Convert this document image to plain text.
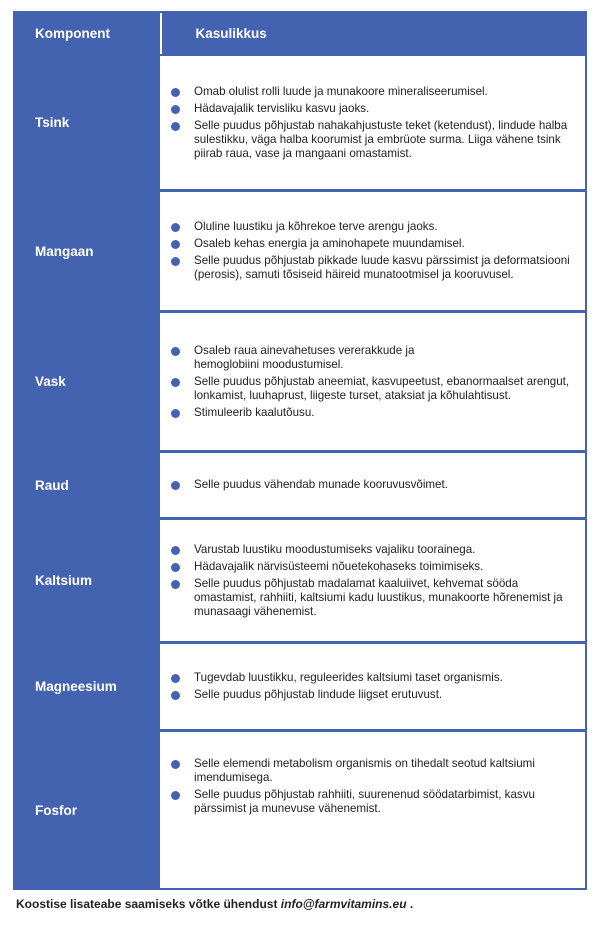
Komponent	Kasulikkus
Tsink
Omab olulist rolli luude ja munakoore mineraliseerumisel.
Hädavajalik tervisliku kasvu jaoks.
Selle puudus põhjustab nahakahjustuste teket (ketendust), lindude halba sulestikku, väga halba koorumist ja embrüote surma. Liiga vähene tsink piirab raua, vase ja mangaani omastamist.
Mangaan
Oluline luustiku ja kõhrekoe terve arengu jaoks.
Osaleb kehas energia ja aminohapete muundamisel.
Selle puudus põhjustab pikkade luude kasvu pärssimist ja deformatsiooni (perosis), samuti tõsiseid häireid munatootmisel ja kooruvusel.
Vask
Osaleb raua ainevahetuses vererakkude ja hemoglobiini moodustumisel.
Selle puudus põhjustab aneemiat, kasvupeetust, ebanormaalset arengut, lonkamist, luuhaprust, liigeste turset, ataksiat ja kõhulahtisust.
Stimuleerib kaalutõusu.
Raud	Selle puudus vähendab munade kooruvusvõimet.
Kaltsium
Varustab luustiku moodustumiseks vajaliku toorainega.
Hädavajalik närvisüsteemi nõuetekohaseks toimimiseks.
Selle puudus põhjustab madalamat kaaluiivet, kehvemat sööda omastamist, rahhiiti, kaltsiumi kadu luustikus, munakoorte hõrenemist ja munasaagi vähenemist.
Magneesium
Tugevdab luustikku, reguleerides kaltsiumi taset organismis.
Selle puudus põhjustab lindude liigset erutuvust.
Fosfor
Selle elemendi metabolism organismis on tihedalt seotud kaltsiumi imendumisega.
Selle puudus põhjustab rahhiiti, suurenenud söödatarbimist, kasvu pärssimist ja munevuse vähenemist.
Koostise lisateabe saamiseks võtke ühendust info@farmvitamins.eu .
